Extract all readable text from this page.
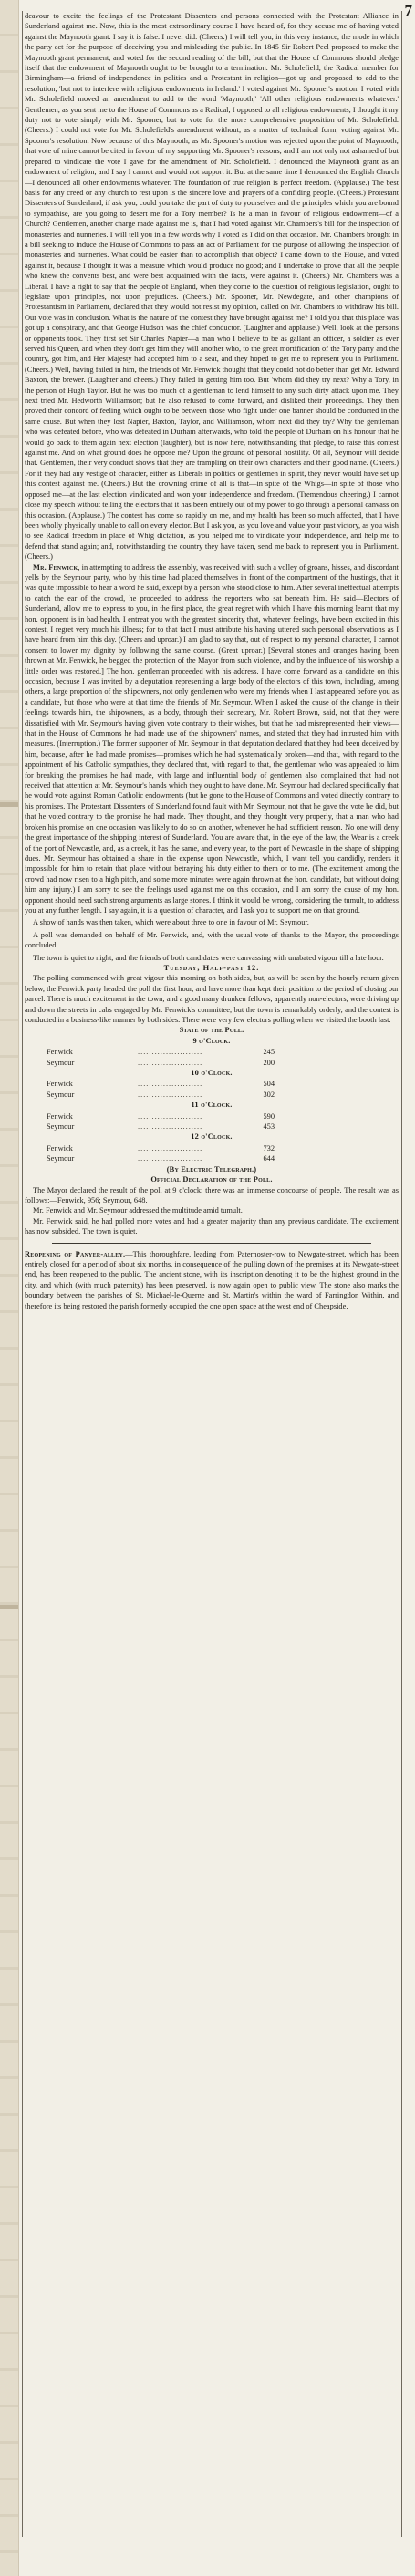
7

deavour to excite the feelings of the Protestant Dissenters and persons connected with the Protestant Alliance in Sunderland against me. Now, this is the most extraordinary course I have heard of, for they accuse me of having voted against the Maynooth grant. I say it is false. I never did. (Cheers.) I will tell you, in this very instance, the mode in which the party act for the purpose of deceiving you and misleading the public. In 1845 Sir Robert Peel proposed to make the Maynooth grant permanent, and voted for the second reading of the bill; but that the House of Commons should pledge itself that the endowment of Maynooth ought to be brought to a termination. Mr. Scholefield, the Radical member for Birmingham—a friend of independence in politics and a Protestant in religion—got up and proposed to add to the resolution, 'but not to interfere with religious endowments in Ireland.' I voted against Mr. Spooner's motion. I voted with Mr. Scholefield moved an amendment to add to the word 'Maynooth,' 'All other religious endowments whatever.' Gentlemen, as you sent me to the House of Commons as a Radical, I opposed to all religious endowments, I thought it my duty not to vote simply with Mr. Spooner, but to vote for the more comprehensive proposition of Mr. Scholefield. (Cheers.) I could not vote for Mr. Scholefield's amendment without, as a matter of technical form, voting against Mr. Spooner's resolution. Now because of this Maynooth, as Mr. Spooner's motion was rejected upon the point of Maynooth; that vote of mine cannot be cited in favour of my supporting Mr. Spooner's reasons, and I am not only not ashamed of but prepared to vindicate the vote I gave for the amendment of Mr. Scholefield. I denounced the Maynooth grant as an endowment of religion, and I say I cannot and would not support it. But at the same time I denounced the English Church—I denounced all other endowments whatever. The foundation of true religion is perfect freedom. (Applause.) The best basis for any creed or any church to rest upon is the sincere love and prayers of a confiding people. (Cheers.) Protestant Dissenters of Sunderland, if ask you, could you take the part of duty to yourselves and the principles which you are bound to sympathise, are you going to desert me for a Tory member? Is he a man in favour of religious endowment—of a Church? Gentlemen, another charge made against me is, that I had voted against Mr. Chambers's bill for the inspection of monasteries and nunneries. I will tell you in a few words why I voted as I did on that occasion. Mr. Chambers brought in a bill seeking to induce the House of Commons to pass an act of Parliament for the purpose of allowing the inspection of monasteries and nunneries. What could be easier than to accomplish that object? I came down to the House, and voted against it, because I thought it was a measure which would produce no good; and I undertake to prove that all the people who knew the convents best, and were best acquainted with the facts, were against it. (Cheers.) Mr. Chambers was a Liberal. I have a right to say that the people of England, when they come to the question of religious legislation, ought to legislate upon principles, not upon prejudices. (Cheers.) Mr. Spooner, Mr. Newdegate, and other champions of Protestantism in Parliament, declared that they would not resist my opinion, called on Mr. Chambers to withdraw his bill. Our vote was in conclusion. What is the nature of the contest they have brought against me? I told you that this place was got up a conspiracy, and that George Hudson was the chief conductor. (Laughter and applause.) Well, look at the persons or opponents took. They first set Sir Charles Napier—a man who I believe to be as gallant an officer, a soldier as ever served his Queen, and when they don't get him they will another who, to the great mortification of the Tory party and the country, got him, and Her Majesty had accepted him to a seat, and they hoped to get me to represent you in Parliament. (Cheers.) Well, having failed in him, the friends of Mr. Fenwick thought that they could not do better than get Mr. Edward Baxton, the brewer. (Laughter and cheers.) They failed in getting him too. But 'whom did they try next? Why a Tory, in the person of Hugh Taylor. But he was too much of a gentleman to lend himself to any such dirty attack upon me. They next tried Mr. Hedworth Williamson; but he also refused to come forward, and disliked their proceedings. They then proved their concord of feeling which ought to be between those who fight under one banner should be conducted in the same cause. But when they lost Napier, Baxton, Taylor, and Williamson, whom next did they try? Why the gentleman who was defeated before, who was defeated in Durham afterwards, who told the people of Durham on his honour that he would go back to them again next election (laughter), but is now here, notwithstanding that pledge, to raise this contest against me. And on what ground does he oppose me? Upon the ground of personal hostility. Of all, Seymour will decide that. Gentlemen, their very conduct shows that they are trampling on their own characters and their good name. (Cheers.) For if they had any vestige of character, either as Liberals in politics or gentlemen in spirit, they never would have set up this contest against me. (Cheers.) But the crowning crime of all is that—in spite of the Whigs—in spite of those who opposed me—at the last election vindicated and won your independence and freedom. (Tremendous cheering.) I cannot close my speech without telling the electors that it has been entirely out of my power to go through a personal canvass on this occasion. (Applause.) The contest has come so rapidly on me, and my health has been so much affected, that I have been wholly physically unable to call on every elector. But I ask you, as you love and value your past victory, as you wish to see Radical freedom in place of Whig dictation, as you helped me to vindicate your independence, and help me to defend that stand again; and, notwithstanding the country they have taken, send me back to represent you in Parliament. (Cheers.)

Mr. Fenwick, in attempting to address the assembly, was received with such a volley of groans, hisses, and discordant yells by the Seymour party, who by this time had placed themselves in front of the compartment of the hustings, that it was quite impossible to hear a word he said, except by a person who stood close to him. After several ineffectual attempts to catch the ear of the crowd, he proceeded to address the reporters who sat beneath him. He said—Electors of Sunderland, allow me to express to you, in the first place, the great regret with which I have this morning learnt that my hon. opponent is in bad health. I entreat you with the greatest sincerity that, whatever feelings, have been excited in this contest, I regret very much his illness; for to that fact I must attribute his having uttered such personal observations as I have heard from him this day. (Cheers and uproar.) I am glad to say that, out of respect to my personal character, I cannot consent to lower my dignity by following the same course. (Great uproar.) [Several stones and oranges having been thrown at Mr. Fenwick, he begged the protection of the Mayor from such violence, and by the influence of his worship a little order was restored.] The hon. gentleman proceeded with his address. I have come forward as a candidate on this occasion, because I was invited by a deputation representing a large body of the electors of this town, including, among others, a large proportion of the shipowners, not only gentlemen who were my friends when I last appeared before you as a candidate, but those who were at that time the friends of Mr. Seymour. When I asked the cause of the change in their feelings towards him, the shipowners, as a body, through their secretary, Mr. Robert Brown, said, not that they were dissatisfied with Mr. Seymour's having given vote contrary to their wishes, but that he had misrepresented their views—that in the House of Commons he had made use of the shipowners' names, and stated that they had intrusted him with measures. (Interruption.) The former supporter of Mr. Seymour in that deputation declared that they had been deceived by him, because, after he had made promises—promises which he had systematically broken—and that, with regard to the appointment of his Catholic sympathies, they declared that, with regard to that, the gentleman who was appealed to him for breaking the promises he had made, with large and influential body of gentlemen also complained that had not received that attention at Mr. Seymour's hands which they ought to have done. Mr. Seymour had declared specifically that he would vote against Roman Catholic endowments (but he gone to the House of Commons and voted directly contrary to his promises. The Protestant Dissenters of Sunderland found fault with Mr. Seymour, not that he gave the vote he did, but that he voted contrary to the promise he had made. They thought, and they thought very properly, that a man who had broken his promise on one occasion was likely to do so on another, whenever he had sufficient reason. No one will deny the great importance of the shipping interest of Sunderland. You are aware that, in the eye of the law, the Wear is a creek of the port of Newcastle, and, as a creek, it has the same, and every year, to the port of Newcastle in the shape of shipping dues. Mr. Seymour has obtained a share in the expense upon Newcastle, which, I want tell you candidly, renders it impossible for him to retain that place without betraying his duty either to them or to me. (The excitement among the crowd had now risen to a high pitch, and some more minutes were again thrown at the hon. candidate, but without doing him any injury.) I am sorry to see the feelings used against me on this occasion, and I am sorry the cause of my hon. opponent should need such strong arguments as large stones. I think it would be wrong, considering the tumult, to address you at any further length. I say again, it is a question of character, and I ask you to support me on that ground.

A show of hands was then taken, which were about three to one in favour of Mr. Seymour.

A poll was demanded on behalf of Mr. Fenwick, and, with the usual vote of thanks to the Mayor, the proceedings concluded.

The town is quiet to night, and the friends of both candidates were canvassing with unabated vigour till a late hour.

Tuesday, Half-past 12.

The polling commenced with great vigour this morning on both sides, but, as will be seen by the hourly return given below, the Fenwick party headed the poll the first hour, and have more than kept their position to the period of closing our parcel. There is much excitement in the town, and a good many drunken fellows, apparently non-electors, were driving up and down the streets in cabs engaged by Mr. Fenwick's committee, but the town is remarkably orderly, and the contest is conducted in a business-like manner by both sides. There were very few electors polling when we visited the booth last.

State of the Poll.

9 o'Clock.

Fenwick	.......................	245
Seymour	.......................	200

10 o'Clock.

Fenwick	.......................	504
Seymour	.......................	302

11 o'Clock.

Fenwick	.......................	590
Seymour	.......................	453

12 o'Clock.

Fenwick	.......................	732
Seymour	.......................	644

(By Electric Telegraph.)

Official Declaration of the Poll.

The Mayor declared the result of the poll at 9 o'clock: there was an immense concourse of people. The result was as follows:—Fenwick, 956; Seymour, 648.

Mr. Fenwick and Mr. Seymour addressed the multitude amid tumult.

Mr. Fenwick said, he had polled more votes and had a greater majority than any previous candidate. The excitement has now subsided. The town is quiet.

Reopening of Panyer-alley.—This thoroughfare, leading from Paternoster-row to Newgate-street, which has been entirely closed for a period of about six months, in consequence of the pulling down of the premises at its Newgate-street end, has been reopened to the public. The ancient stone, with its inscription denoting it to be the highest ground in the city, and which (with much paternity) has been preserved, is now again open to public view. The stone also marks the boundary between the parishes of St. Michael-le-Querne and St. Martin's within the ward of Farringdon Within, and therefore its being restored the parish formerly occupied the one open space at the west end of Cheapside.
